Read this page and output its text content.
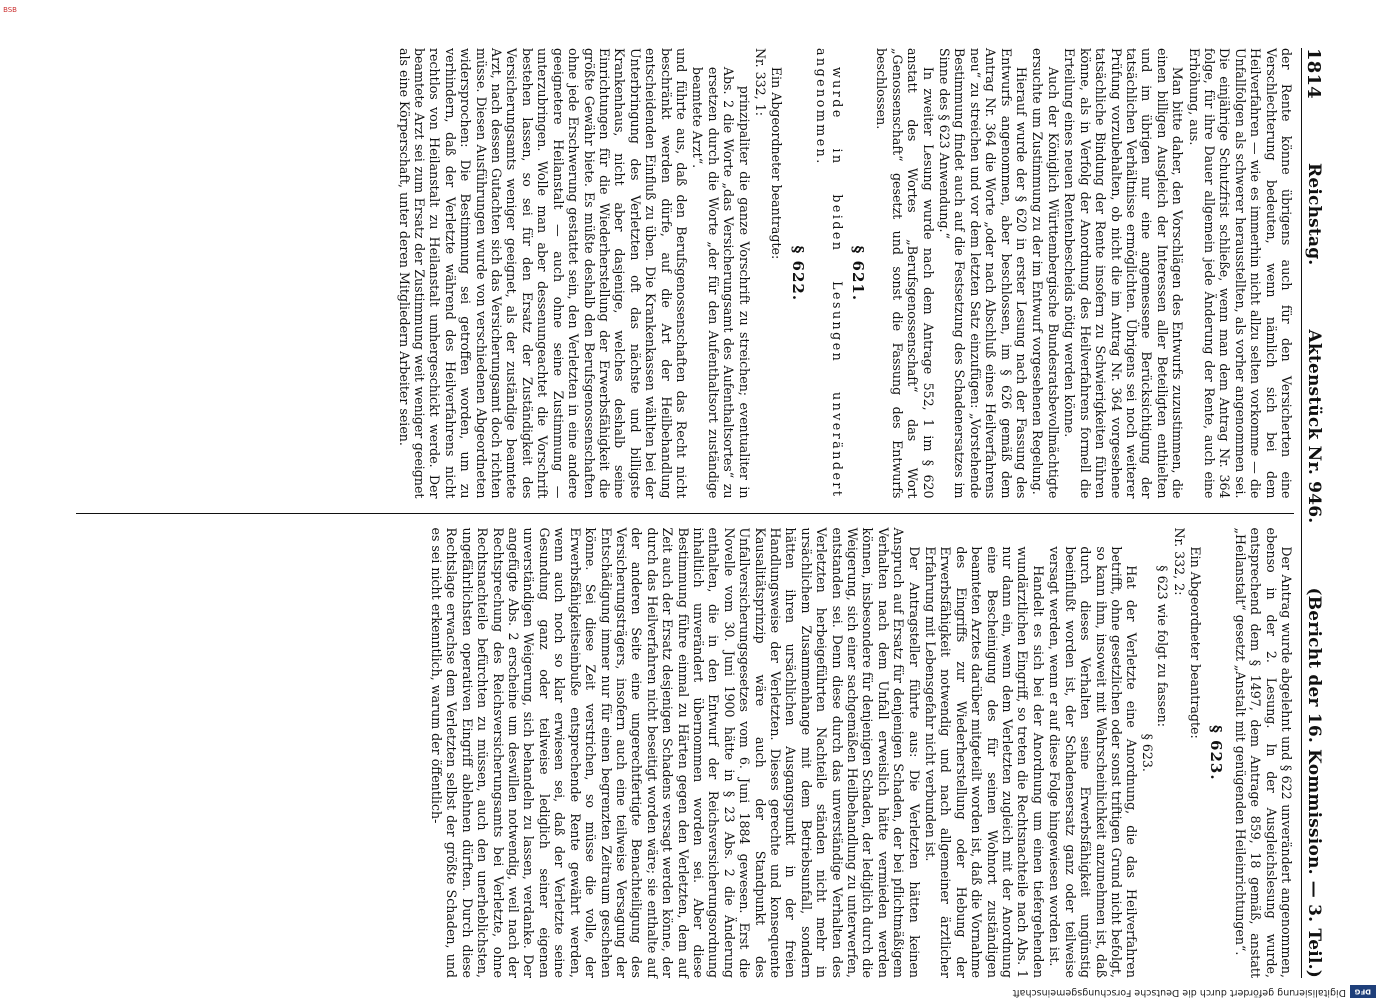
DFG
Digitalisierung gefördert durch die Deutsche Forschungsgemeinschaft
1814
Reichstag.
Aktenstück Nr. 946.
(Bericht der 16. Kommission. — 3. Teil.)

der Rente könne übrigens auch für den Versicherten eine Verschlechterung bedeuten, wenn nämlich sich bei dem Heilverfahren — wie es immerhin nicht allzu selten vorkomme — die Unfallfolgen als schwerer herausstellten, als vorher angenommen sei. Die einjährige Schutzfrist schließe, wenn man dem Antrag Nr. 364 folge, für ihre Dauer allgemein jede Änderung der Rente, auch eine Erhöhung, aus.

Man bitte daher, den Vorschlägen des Entwurfs zuzustimmen, die einen billigen Ausgleich der Interessen aller Beteiligten enthielten und im übrigen nur eine angemessene Berücksichtigung der tatsächlichen Verhältnisse ermöglichten. Übrigens sei noch weiterer Prüfung vorzubehalten, ob nicht die im Antrag Nr. 364 vorgesehene tatsächliche Bindung der Rente insofern zu Schwierigkeiten führen könne, als in Verfolg der Anordnung des Heilverfahrens formell die Erteilung eines neuen Rentenbescheids nötig werden könne.

Auch der Königlich Württembergische Bundesratsbevollmächtigte ersuchte um Zustimmung zu der im Entwurf vorgesehenen Regelung.

Hierauf wurde der § 620 in erster Lesung nach der Fassung des Entwurfs angenommen, aber beschlossen, im § 626 gemäß dem Antrag Nr. 364 die Worte „oder nach Abschluß eines Heilverfahrens neu“ zu streichen und vor dem letzten Satz einzufügen: „Vorstehende Bestimmung findet auch auf die Festsetzung des Schadenersatzes im Sinne des § 623 Anwendung.“

In zweiter Lesung wurde nach dem Antrage 552, 1 im § 620 anstatt des Wortes „Berufsgenossenschaft“ das Wort „Genossenschaft“ gesetzt und sonst die Fassung des Entwurfs beschlossen.

§ 621.

wurde in beiden Lesungen unverändert angenommen.

§ 622.

Ein Abgeordneter beantragte:

Nr. 332, 1:

prinzipaliter die ganze Vorschrift zu streichen; eventualiter in Abs. 2 die Worte „das Versicherungsamt des Aufenthaltsortes“ zu ersetzen durch die Worte „der für den Aufenthaltsort zuständige beamtete Arzt“.

und führte aus, daß den Berufsgenossenschaften das Recht nicht beschränkt werden dürfe, auf die Art der Heilbehandlung entscheidenden Einfluß zu üben. Die Krankenkassen wählten bei der Unterbringung des Verletzten oft das nächste und billigste Krankenhaus, nicht aber dasjenige, welches deshalb seine Einrichtungen für die Wiederherstellung der Erwerbsfähigkeit die größte Gewähr biete. Es müßte deshalb den Berufsgenossenschaften ohne jede Erschwerung gestattet sein, den Verletzten in eine andere geeignetere Heilanstalt — auch ohne seine Zustimmung — unterzubringen. Wolle man aber dessenungeachtet die Vorschrift bestehen lassen, so sei für den Ersatz der Zuständigkeit des Versicherungsamts weniger geeignet, als der zuständige beamtete Arzt, nach dessen Gutachten sich das Versicherungsamt doch richten müsse. Diesen Ausführungen wurde von verschiedenen Abgeordneten widersprochen: Die Bestimmung sei getroffen worden, um zu verhindern, daß der Verletzte während des Heilverfahrens nicht rechtlos von Heilanstalt zu Heilanstalt umhergeschickt werde. Der beamtete Arzt sei zum Ersatz der Zustimmung weit weniger geeignet als eine Körperschaft, unter deren Mitgliedern Arbeiter seien.

Der Antrag wurde abgelehnt und § 622 unverändert angenommen, ebenso in der 2. Lesung. In der Ausgleichslesung wurde, entsprechend dem § 1497, dem Antrage 859, 18 gemäß, anstatt „Heilanstalt“ gesetzt „Anstalt mit genügenden Heileinrichtungen“.

§ 623.

Ein Abgeordneter beantragte:

Nr. 332, 2:

§ 623 wie folgt zu fassen:

§ 623.

Hat der Verletzte eine Anordnung, die das Heilverfahren betrifft, ohne gesetzlichen oder sonst triftigen Grund nicht befolgt, so kann ihm, insoweit mit Wahrscheinlichkeit anzunehmen ist, daß durch dieses Verhalten seine Erwerbsfähigkeit ungünstig beeinflußt worden ist, der Schadensersatz ganz oder teilweise versagt werden, wenn er auf diese Folge hingewiesen worden ist.

Handelt es sich bei der Anordnung um einen tiefergehenden wundärztlichen Eingriff, so treten die Rechtsnachteile nach Abs. 1 nur dann ein, wenn dem Verletzten zugleich mit der Anordnung eine Bescheinigung des für seinen Wohnort zuständigen beamteten Arztes darüber mitgeteilt worden ist, daß die Vornahme des Eingriffs zur Wiederherstellung oder Hebung der Erwerbsfähigkeit notwendig und nach allgemeiner ärztlicher Erfahrung mit Lebensgefahr nicht verbunden ist.

Der Antragsteller führte aus: Die Verletzten hätten keinen Anspruch auf Ersatz für denjenigen Schaden, der bei pflichtmäßigem Verhalten nach dem Unfall erweislich hätte vermieden werden können, insbesondere für denjenigen Schaden, der lediglich durch die Weigerung, sich einer sachgemäßen Heilbehandlung zu unterwerfen, entstanden sei. Denn diese durch das unverständige Verhalten des Verletzten herbeigeführten Nachteile ständen nicht mehr in ursächlichem Zusammenhange mit dem Betriebsunfall, sondern hätten ihren ursächlichen Ausgangspunkt in der freien Handlungsweise der Verletzten. Dieses gerechte und konsequente Kausalitätsprinzip wäre auch der Standpunkt des Unfallversicherungsgesetzes vom 6. Juni 1884 gewesen. Erst die Novelle vom 30. Juni 1900 hätte in § 23 Abs. 2 die Änderung enthalten, die in den Entwurf der Reichsversicherungsordnung inhaltlich unverändert übernommen worden sei. Aber diese Bestimmung führe einmal zu Härten gegen den Verletzten, dem auf Zeit auch der Ersatz desjenigen Schadens versagt werden könne, der durch das Heilverfahren nicht beseitigt worden wäre; sie enthalte auf der anderen Seite eine ungerechtfertigte Benachteiligung des Versicherungsträgers, insofern auch eine teilweise Versagung der Entschädigung immer nur für einen begrenzten Zeitraum geschehen könne. Sei diese Zeit verstrichen, so müsse die volle, der Erwerbsfähigkeitseinbuße entsprechende Rente gewährt werden, wenn auch noch so klar erwiesen sei, daß der Verletzte seine Gesundung ganz oder teilweise lediglich seiner eigenen unverständigen Weigerung, sich behandeln zu lassen, verdanke. Der angefügte Abs. 2 erscheine um deswillen notwendig, weil nach der Rechtsprechung des Reichsversicherungsamts bei Verletzte, ohne Rechtsnachteile befürchten zu müssen, auch den unerheblichsten, ungefährlichsten operativen Eingriff ablehnen dürften. Durch diese Rechtslage erwachse dem Verletzten selbst der größte Schaden, und es sei nicht erkenntlich, warum der öffentlich-

BSB
